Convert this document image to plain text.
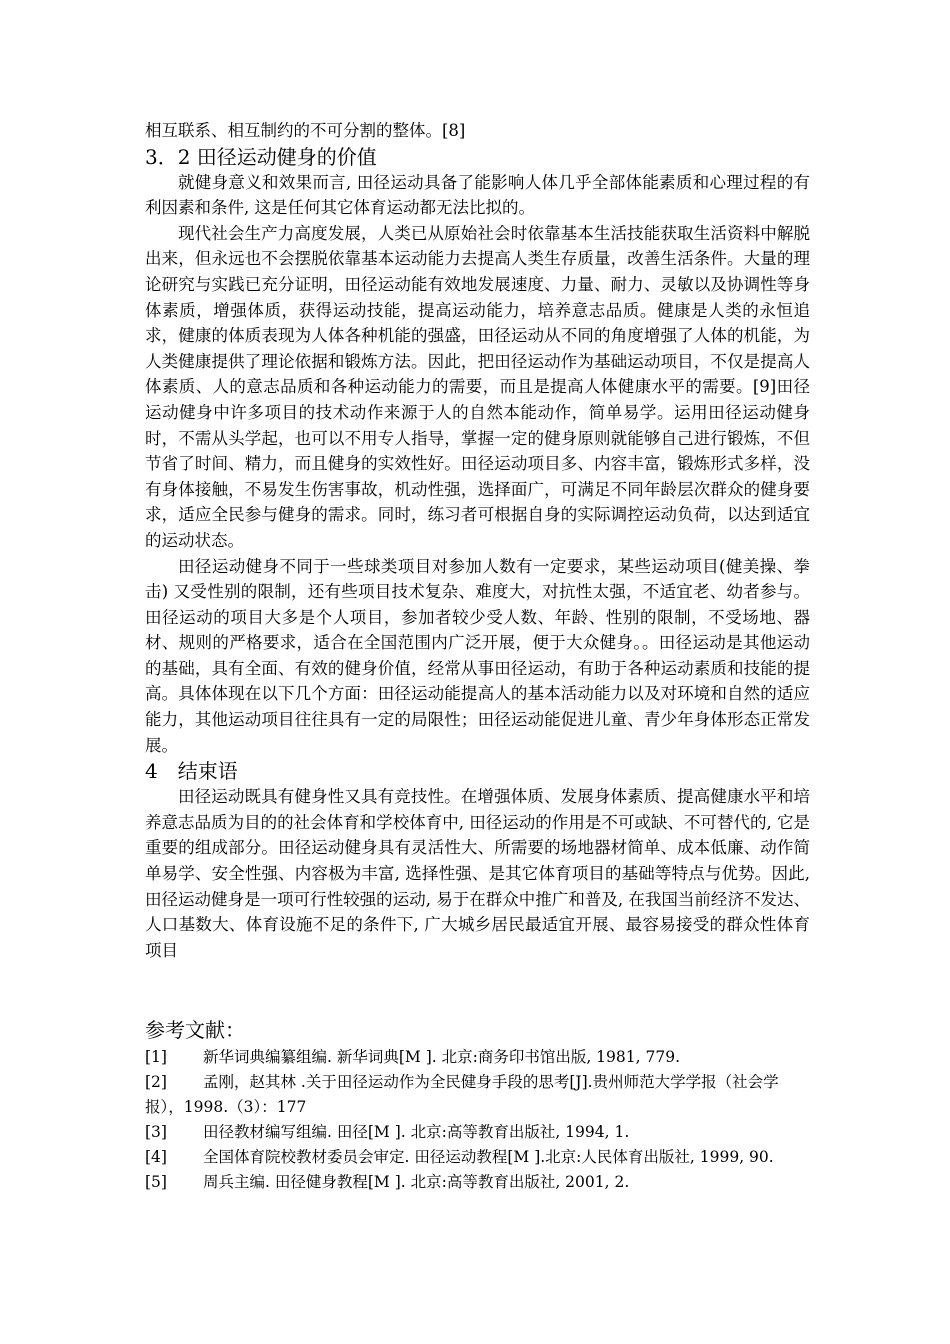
相互联系、相互制约的不可分割的整体。[8]

3．2 田径运动健身的价值

就健身意义和效果而言, 田径运动具备了能影响人体几乎全部体能素质和心理过程的有利因素和条件, 这是任何其它体育运动都无法比拟的。

现代社会生产力高度发展，人类已从原始社会时依靠基本生活技能获取生活资料中解脱出来，但永远也不会摆脱依靠基本运动能力去提高人类生存质量，改善生活条件。大量的理论研究与实践已充分证明，田径运动能有效地发展速度、力量、耐力、灵敏以及协调性等身体素质，增强体质，获得运动技能，提高运动能力，培养意志品质。健康是人类的永恒追求，健康的体质表现为人体各种机能的强盛，田径运动从不同的角度增强了人体的机能，为人类健康提供了理论依据和锻炼方法。因此，把田径运动作为基础运动项目，不仅是提高人体素质、人的意志品质和各种运动能力的需要，而且是提高人体健康水平的需要。[9]田径运动健身中许多项目的技术动作来源于人的自然本能动作，简单易学。运用田径运动健身时，不需从头学起，也可以不用专人指导，掌握一定的健身原则就能够自己进行锻炼，不但节省了时间、精力，而且健身的实效性好。田径运动项目多、内容丰富，锻炼形式多样，没有身体接触，不易发生伤害事故，机动性强，选择面广，可满足不同年龄层次群众的健身要求，适应全民参与健身的需求。同时，练习者可根据自身的实际调控运动负荷，以达到适宜的运动状态。

田径运动健身不同于一些球类项目对参加人数有一定要求，某些运动项目(健美操、拳击) 又受性别的限制，还有些项目技术复杂、难度大，对抗性太强，不适宜老、幼者参与。田径运动的项目大多是个人项目，参加者较少受人数、年龄、性别的限制，不受场地、器材、规则的严格要求，适合在全国范围内广泛开展，便于大众健身。。田径运动是其他运动的基础，具有全面、有效的健身价值，经常从事田径运动，有助于各种运动素质和技能的提高。具体体现在以下几个方面：田径运动能提高人的基本活动能力以及对环境和自然的适应能力，其他运动项目往往具有一定的局限性；田径运动能促进儿童、青少年身体形态正常发展。

4　结束语

田径运动既具有健身性又具有竞技性。在增强体质、发展身体素质、提高健康水平和培养意志品质为目的的社会体育和学校体育中, 田径运动的作用是不可或缺、不可替代的, 它是重要的组成部分。田径运动健身具有灵活性大、所需要的场地器材简单、成本低廉、动作简单易学、安全性强、内容极为丰富, 选择性强、是其它体育项目的基础等特点与优势。因此,田径运动健身是一项可行性较强的运动, 易于在群众中推广和普及, 在我国当前经济不发达、人口基数大、体育设施不足的条件下, 广大城乡居民最适宜开展、最容易接受的群众性体育项目

参考文献：

[1] 新华词典编纂组编. 新华词典[M ]. 北京:商务印书馆出版, 1981, 779.

[2] 孟刚，赵其林 .关于田径运动作为全民健身手段的思考[J].贵州师范大学学报（社会学报），1998.（3）：177

[3] 田径教材编写组编. 田径[M ]. 北京:高等教育出版社, 1994, 1.

[4] 全国体育院校教材委员会审定. 田径运动教程[M ].北京:人民体育出版社, 1999, 90.

[5] 周兵主编. 田径健身教程[M ]. 北京:高等教育出版社, 2001, 2.
